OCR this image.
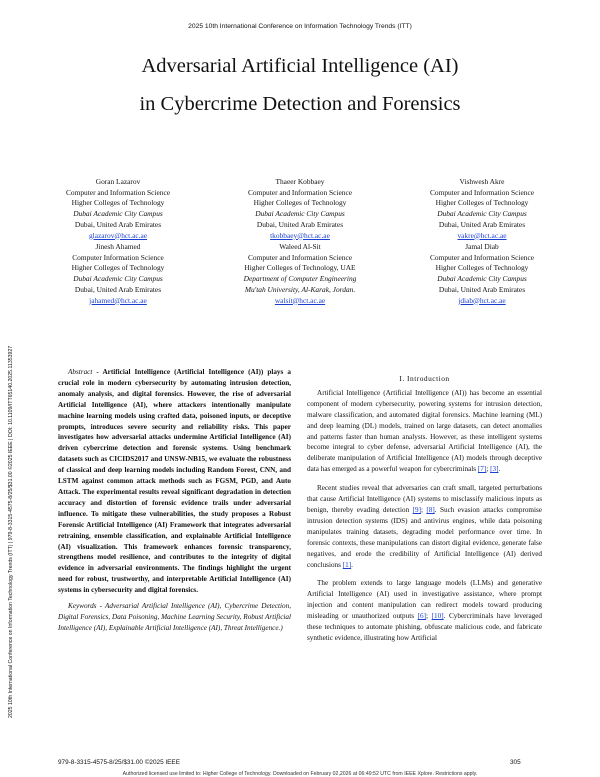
2025 10th International Conference on Information Technology Trends (ITT)
Adversarial Artificial Intelligence (AI)
in Cybercrime Detection and Forensics
2025 10th International Conference on Information Technology Trends (ITT) | 979-8-3315-4575-8/25/$31.00 ©2025 IEEE | DOI: 10.1109/ITT65140.2025.11353927
Goran Lazarov
Computer and Information Science
Higher Colleges of Technology
Dubai Academic City Campus
Dubai, United Arab Emirates
glazarov@hct.ac.ae
Thaeer Kobbaey
Computer and Information Science
Higher Colleges of Technology
Dubai Academic City Campus
Dubai, United Arab Emirates
tkobbaey@hct.ac.ae
Vishwesh Akre
Computer and Information Science
Higher Colleges of Technology
Dubai Academic City Campus
Dubai, United Arab Emirates
vakre@hct.ac.ae
Jinesh Ahamed
Computer Information Science
Higher Colleges of Technology
Dubai Academic City Campus
Dubai, United Arab Emirates
jahamed@hct.ac.ae
Waleed Al-Sit
Computer and Information Science
Higher Colleges of Technology, UAE
Department of Computer Engineering
Mu'tah University, Al-Karak, Jordan.
walsit@hct.ac.ae
Jamal Diab
Computer and Information Science
Higher Colleges of Technology
Dubai Academic City Campus
Dubai, United Arab Emirates
jdiab@hct.ac.ae

Abstract - Artificial Intelligence (Artificial Intelligence (AI)) plays a crucial role in modern cybersecurity by automating intrusion detection, anomaly analysis, and digital forensics. However, the rise of adversarial Artificial Intelligence (AI), where attackers intentionally manipulate machine learning models using crafted data, poisoned inputs, or deceptive prompts, introduces severe security and reliability risks. This paper investigates how adversarial attacks undermine Artificial Intelligence (AI) driven cybercrime detection and forensic systems. Using benchmark datasets such as CICIDS2017 and UNSW-NB15, we evaluate the robustness of classical and deep learning models including Random Forest, CNN, and LSTM against common attack methods such as FGSM, PGD, and Auto Attack. The experimental results reveal significant degradation in detection accuracy and distortion of forensic evidence trails under adversarial influence. To mitigate these vulnerabilities, the study proposes a Robust Forensic Artificial Intelligence (AI) Framework that integrates adversarial retraining, ensemble classification, and explainable Artificial Intelligence (AI) visualization. This framework enhances forensic transparency, strengthens model resilience, and contributes to the integrity of digital evidence in adversarial environments. The findings highlight the urgent need for robust, trustworthy, and interpretable Artificial Intelligence (AI) systems in cybersecurity and digital forensics.

Keywords - Adversarial Artificial Intelligence (AI), Cybercrime Detection, Digital Forensics, Data Poisoning, Machine Learning Security, Robust Artificial Intelligence (AI), Explainable Artificial Intelligence (AI), Threat Intelligence.)

I. Introduction

Artificial Intelligence (Artificial Intelligence (AI)) has become an essential component of modern cybersecurity, powering systems for intrusion detection, malware classification, and automated digital forensics. Machine learning (ML) and deep learning (DL) models, trained on large datasets, can detect anomalies and patterns faster than human analysts. However, as these intelligent systems become integral to cyber defense, adversarial Artificial Intelligence (AI), the deliberate manipulation of Artificial Intelligence (AI) models through deceptive data has emerged as a powerful weapon for cybercriminals [7]; [3].

Recent studies reveal that adversaries can craft small, targeted perturbations that cause Artificial Intelligence (AI) systems to misclassify malicious inputs as benign, thereby evading detection [9]; [8]. Such evasion attacks compromise intrusion detection systems (IDS) and antivirus engines, while data poisoning manipulates training datasets, degrading model performance over time. In forensic contexts, these manipulations can distort digital evidence, generate false negatives, and erode the credibility of Artificial Intelligence (AI) derived conclusions [1].

The problem extends to large language models (LLMs) and generative Artificial Intelligence (AI) used in investigative assistance, where prompt injection and content manipulation can redirect models toward producing misleading or unauthorized outputs [6]; [10]. Cybercriminals have leveraged these techniques to automate phishing, obfuscate malicious code, and fabricate synthetic evidence, illustrating how Artificial

979-8-3315-4575-8/25/$31.00 ©2025 IEEE	305
Authorized licensed use limited to: Higher College of Technology. Downloaded on February 02,2026 at 06:49:52 UTC from IEEE Xplore. Restrictions apply.
